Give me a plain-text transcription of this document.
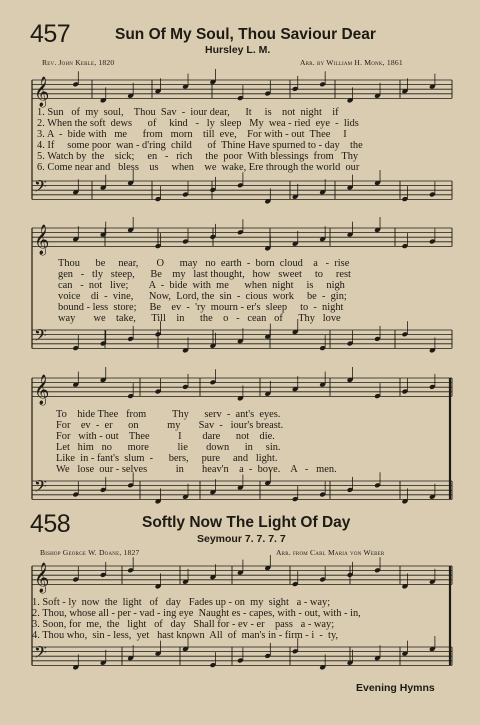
𝄞
𝄢
𝄞
𝄢
𝄞
𝄢
𝄞
𝄢
457	Sun Of My Soul, Thou Saviour Dear
Hursley L. M.
Rev. John Keble, 1820	Arr. by William H. Monk, 1861
1. Sun   of  my  soul,    Thou  Sav  -  iour dear,      It     is    not  night    if
2. When the soft  dews      of     kind   -   ly  sleep   My  wea - ried  eye  -  lids
3. A  -  bide with   me      from   morn    till  eve,    For with - out  Thee     I
4. If     some poor  wan - d'ring  child      of  Thine Have spurned to - day    the
5. Watch by  the    sick;     en   -   rich     the  poor  With blessings  from   Thy
6. Come near and   bless    us     when    we  wake, Ere through the world  our
Thou      be     near,       O      may   no  earth  -  born  cloud    a   -  rise
gen   -   tly   steep,      Be    my   last thought,   how   sweet     to     rest
can   -  not   live;        A  -  bide  with  me      when  night     is     nigh
voice    di  -  vine,      Now,  Lord, the  sin  -  cious  work     be  -  gin;
bound - less  store;     Be    ev  -  'ry  mourn - er's  sleep     to  -  night
way       we    take,      Till    in      the    o   -   cean   of      Thy   love
To    hide Thee   from          Thy      serv  -  ant's  eyes.
For    ev  -  er      on           my       Sav  -   iour's breast.
For   with - out    Thee           I        dare      not    die.
Let   him   no      more           lie       down      in     sin.
Like  in - fant's  slum  -      bers,     pure     and   light.
We   lose  our - selves           in       heav'n    a  -  bove.    A   -   men.
458	Softly Now The Light Of Day
Seymour 7. 7. 7. 7
Bishop George W. Doane, 1827	Arr. from Carl Maria von Weber
1. Soft - ly  now  the  light   of   day   Fades up - on  my  sight   a - way;
2. Thou, whose all - per - vad - ing eye  Naught es - capes, with - out, with - in,
3. Soon, for  me,  the   light   of   day   Shall for - ev - er    pass   a - way;
4. Thou who,  sin - less,  yet   hast known  All  of  man's in - firm - i  -  ty,
Evening Hymns
